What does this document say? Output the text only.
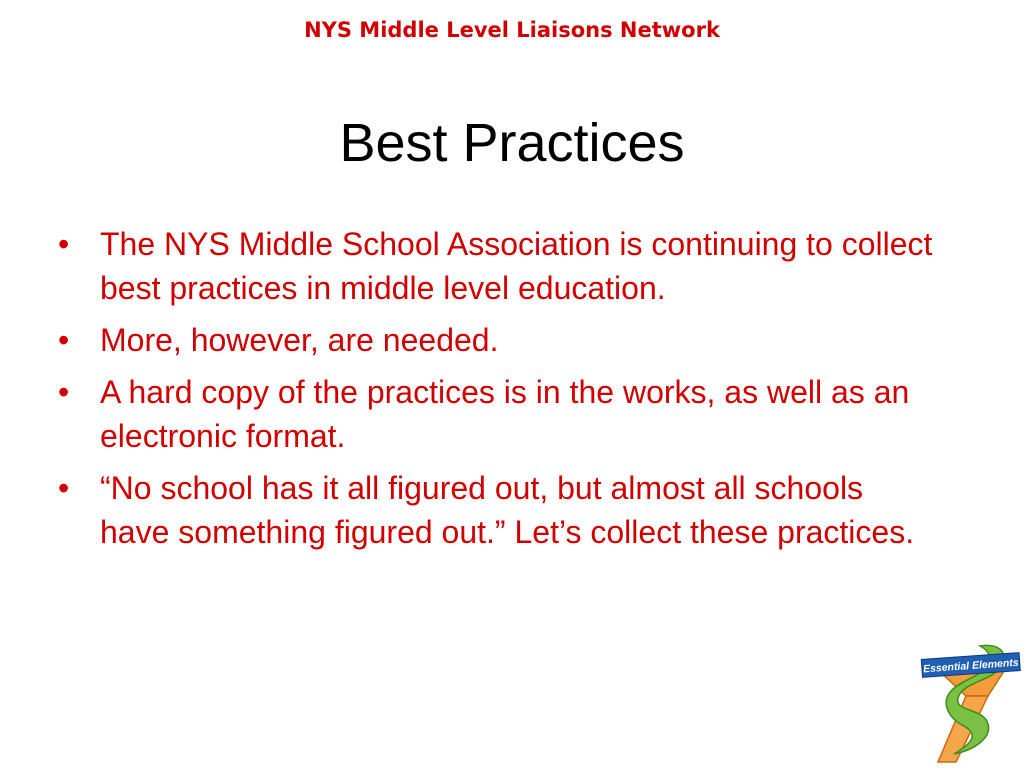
NYS Middle Level Liaisons Network
Best Practices
• The NYS Middle School Association is continuing to collect best practices in middle level education.
• More, however, are needed.
• A hard copy of the practices is in the works, as well as an electronic format.
• “No school has it all figured out, but almost all schools have something figured out.” Let’s collect these practices.
Essential Elements
